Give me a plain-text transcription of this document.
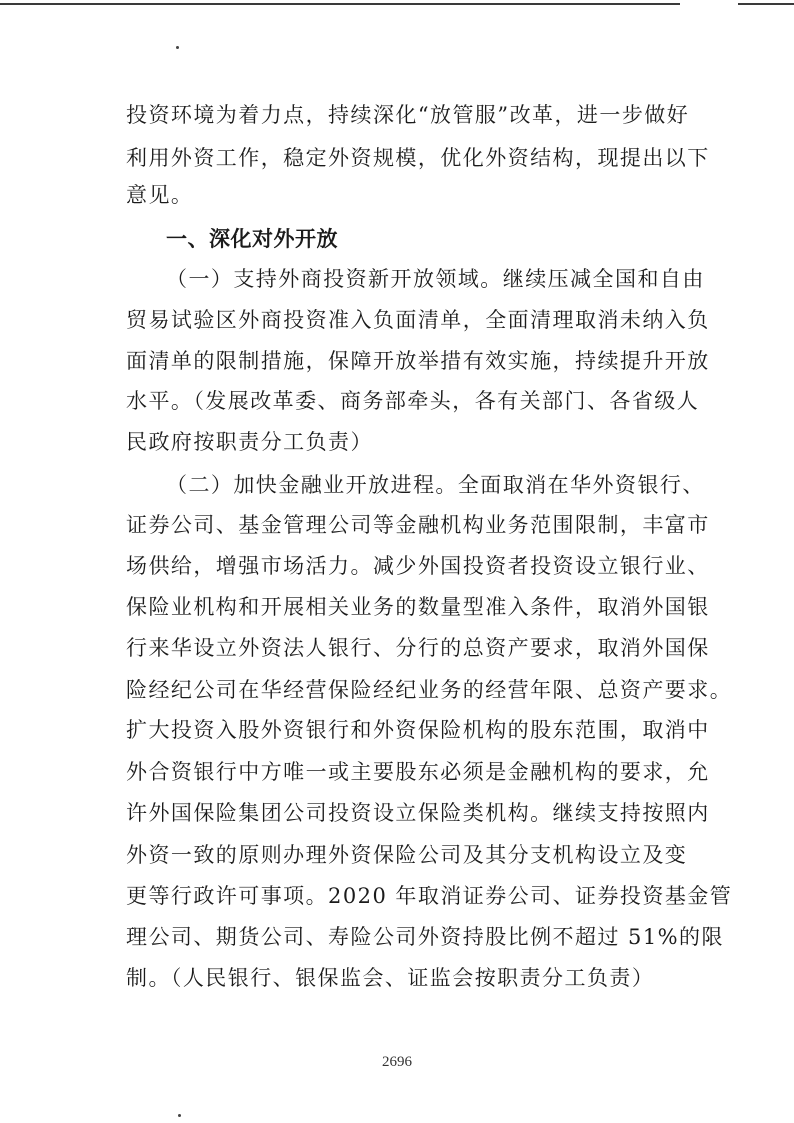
投资环境为着力点，持续深化“放管服”改革，进一步做好
利用外资工作，稳定外资规模，优化外资结构，现提出以下
意见。
一、深化对外开放
（一）支持外商投资新开放领域。继续压减全国和自由
贸易试验区外商投资准入负面清单，全面清理取消未纳入负
面清单的限制措施，保障开放举措有效实施，持续提升开放
水平。（发展改革委、商务部牵头，各有关部门、各省级人
民政府按职责分工负责）
（二）加快金融业开放进程。全面取消在华外资银行、
证券公司、基金管理公司等金融机构业务范围限制，丰富市
场供给，增强市场活力。减少外国投资者投资设立银行业、
保险业机构和开展相关业务的数量型准入条件，取消外国银
行来华设立外资法人银行、分行的总资产要求，取消外国保
险经纪公司在华经营保险经纪业务的经营年限、总资产要求。
扩大投资入股外资银行和外资保险机构的股东范围，取消中
外合资银行中方唯一或主要股东必须是金融机构的要求，允
许外国保险集团公司投资设立保险类机构。继续支持按照内
外资一致的原则办理外资保险公司及其分支机构设立及变
更等行政许可事项。2020 年取消证券公司、证券投资基金管
理公司、期货公司、寿险公司外资持股比例不超过 51%的限
制。（人民银行、银保监会、证监会按职责分工负责）
2696
